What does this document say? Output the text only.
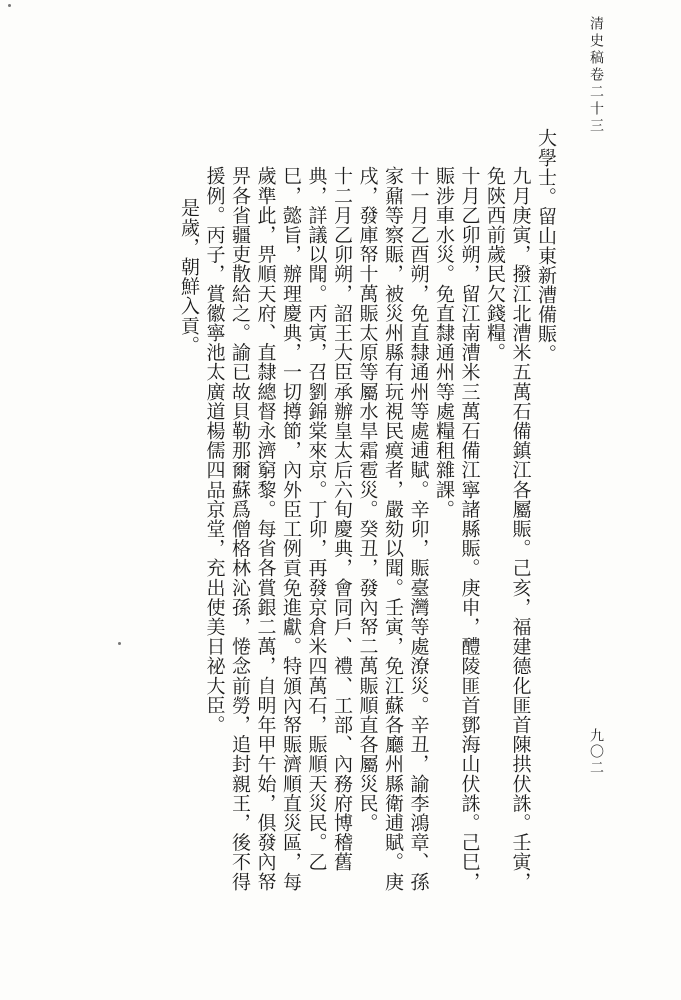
清史稿卷二十三
九〇二

大學士。留山東新漕備賑。

九月庚寅，撥江北漕米五萬石備鎮江各屬賑。己亥，福建德化匪首陳拱伏誅。壬寅，免陝西前歲民欠錢糧。

十月乙卯朔，留江南漕米三萬石備江寧諸縣賑。庚申，醴陵匪首鄧海山伏誅。己巳，賑涉車水災。免直隸通州等處糧租雜課。

十一月乙酉朔，免直隸通州等處逋賦。辛卯，賑臺灣等處潦災。辛丑，諭李鴻章、孫家鼐等察賑，被災州縣有玩視民瘼者，嚴劾以聞。壬寅，免江蘇各廳州縣衛逋賦。庚戌，發庫帑十萬賑太原等屬水旱霜雹災。癸丑，發內帑二萬賑順直各屬災民。

十二月乙卯朔，詔王大臣承辦皇太后六旬慶典，會同戶、禮、工部、內務府博稽舊典，詳議以聞。丙寅，召劉錦棠來京。丁卯，再發京倉米四萬石，賑順天災民。乙巳，懿旨，辦理慶典，一切撙節，內外臣工例貢免進獻。特頒內帑賑濟順直災區，每歲準此，畀順天府、直隸總督永濟窮黎。每省各賞銀二萬，自明年甲午始，俱發內帑畀各省疆吏散給之。諭已故貝勒那爾蘇爲僧格林沁孫，惓念前勞，追封親王，後不得援例。丙子，賞徽寧池太廣道楊儒四品京堂，充出使美日祕大臣。

是歲，朝鮮入貢。
